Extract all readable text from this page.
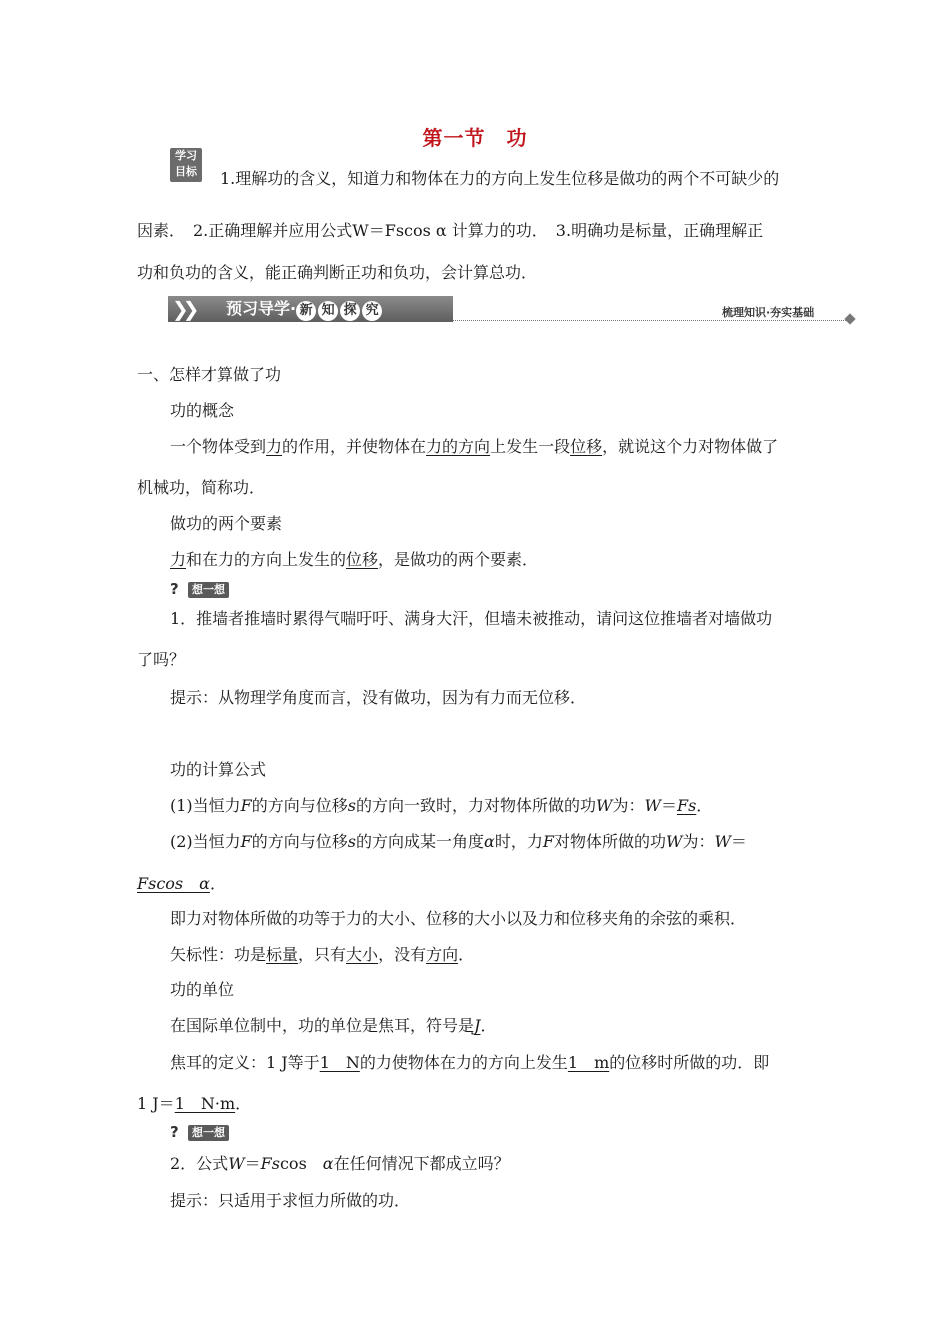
第一节　功
学习
目标	1.理解功的含义，知道力和物体在力的方向上发生位移是做功的两个不可缺少的
因素．　2.正确理解并应用公式W＝Fscos α 计算力的功．　3.明确功是标量，正确理解正
功和负功的含义，能正确判断正功和负功，会计算总功．
❯❯ 预习导学· 新 知 探 究	梳理知识·夯实基础
一、怎样才算做了功
功的概念
一个物体受到力的作用，并使物体在力的方向上发生一段位移，就说这个力对物体做了
机械功，简称功．
做功的两个要素
力和在力的方向上发生的位移，是做功的两个要素．
?	想一想
1．推墙者推墙时累得气喘吁吁、满身大汗，但墙未被推动，请问这位推墙者对墙做功
了吗？
提示：从物理学角度而言，没有做功，因为有力而无位移．
功的计算公式
(1)当恒力F的方向与位移s的方向一致时，力对物体所做的功W为：W＝Fs．
(2)当恒力F的方向与位移s的方向成某一角度α时，力F对物体所做的功W为：W＝
Fscos　α．
即力对物体所做的功等于力的大小、位移的大小以及力和位移夹角的余弦的乘积．
矢标性：功是标量，只有大小，没有方向．
功的单位
在国际单位制中，功的单位是焦耳，符号是J．
焦耳的定义：1 J等于1　N的力使物体在力的方向上发生1　m的位移时所做的功．即
1 J＝1　N·m．
?	想一想
2．公式W＝Fscos　α在任何情况下都成立吗？
提示：只适用于求恒力所做的功．
